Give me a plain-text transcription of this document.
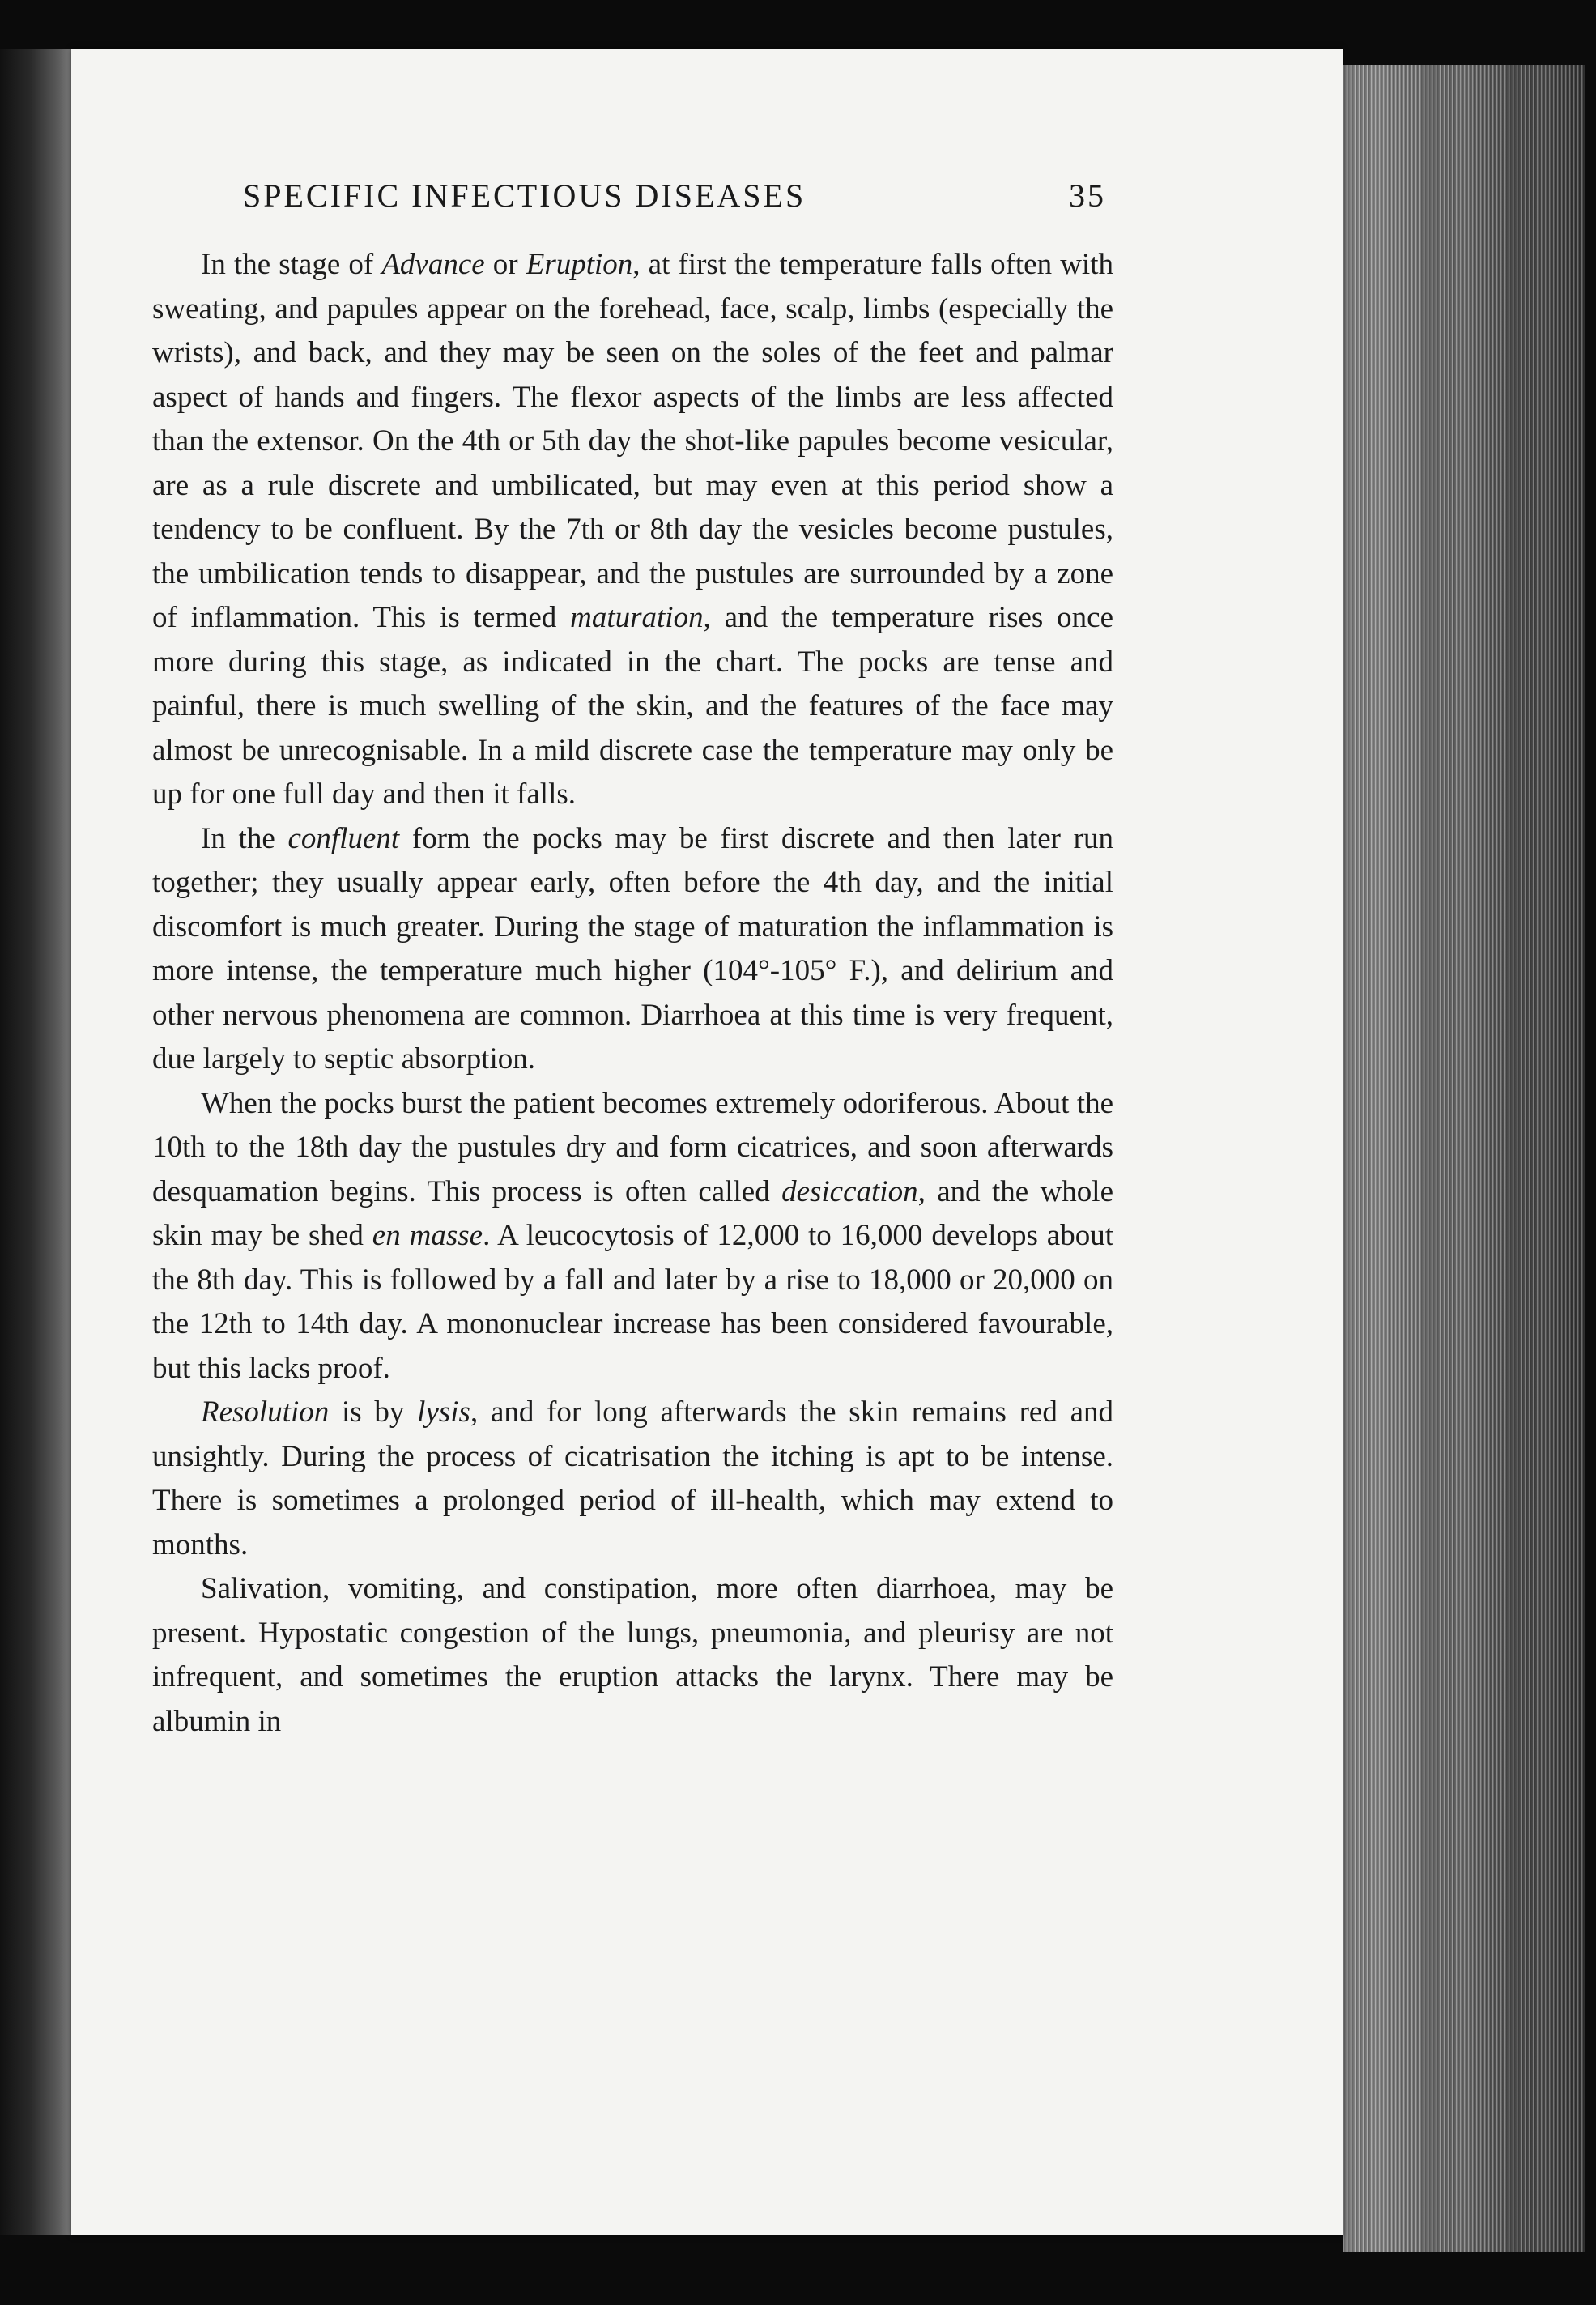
SPECIFIC INFECTIOUS DISEASES	35

In the stage of Advance or Eruption, at first the temperature falls often with sweating, and papules appear on the forehead, face, scalp, limbs (especially the wrists), and back, and they may be seen on the soles of the feet and palmar aspect of hands and fingers. The flexor aspects of the limbs are less affected than the extensor. On the 4th or 5th day the shot-like papules become vesicular, are as a rule discrete and umbilicated, but may even at this period show a tendency to be confluent. By the 7th or 8th day the vesicles become pustules, the umbilication tends to disappear, and the pustules are surrounded by a zone of inflammation. This is termed maturation, and the temperature rises once more during this stage, as indicated in the chart. The pocks are tense and painful, there is much swelling of the skin, and the features of the face may almost be unrecognisable. In a mild discrete case the temperature may only be up for one full day and then it falls.

In the confluent form the pocks may be first discrete and then later run together; they usually appear early, often before the 4th day, and the initial discomfort is much greater. During the stage of maturation the inflammation is more intense, the temperature much higher (104°-105° F.), and delirium and other nervous phenomena are common. Diarrhoea at this time is very frequent, due largely to septic absorption.

When the pocks burst the patient becomes extremely odoriferous. About the 10th to the 18th day the pustules dry and form cicatrices, and soon afterwards desquamation begins. This process is often called desiccation, and the whole skin may be shed en masse. A leucocytosis of 12,000 to 16,000 develops about the 8th day. This is followed by a fall and later by a rise to 18,000 or 20,000 on the 12th to 14th day. A mononuclear increase has been considered favourable, but this lacks proof.

Resolution is by lysis, and for long afterwards the skin remains red and unsightly. During the process of cicatrisation the itching is apt to be intense. There is sometimes a prolonged period of ill-health, which may extend to months.

Salivation, vomiting, and constipation, more often diarrhoea, may be present. Hypostatic congestion of the lungs, pneumonia, and pleurisy are not infrequent, and sometimes the eruption attacks the larynx. There may be albumin in
